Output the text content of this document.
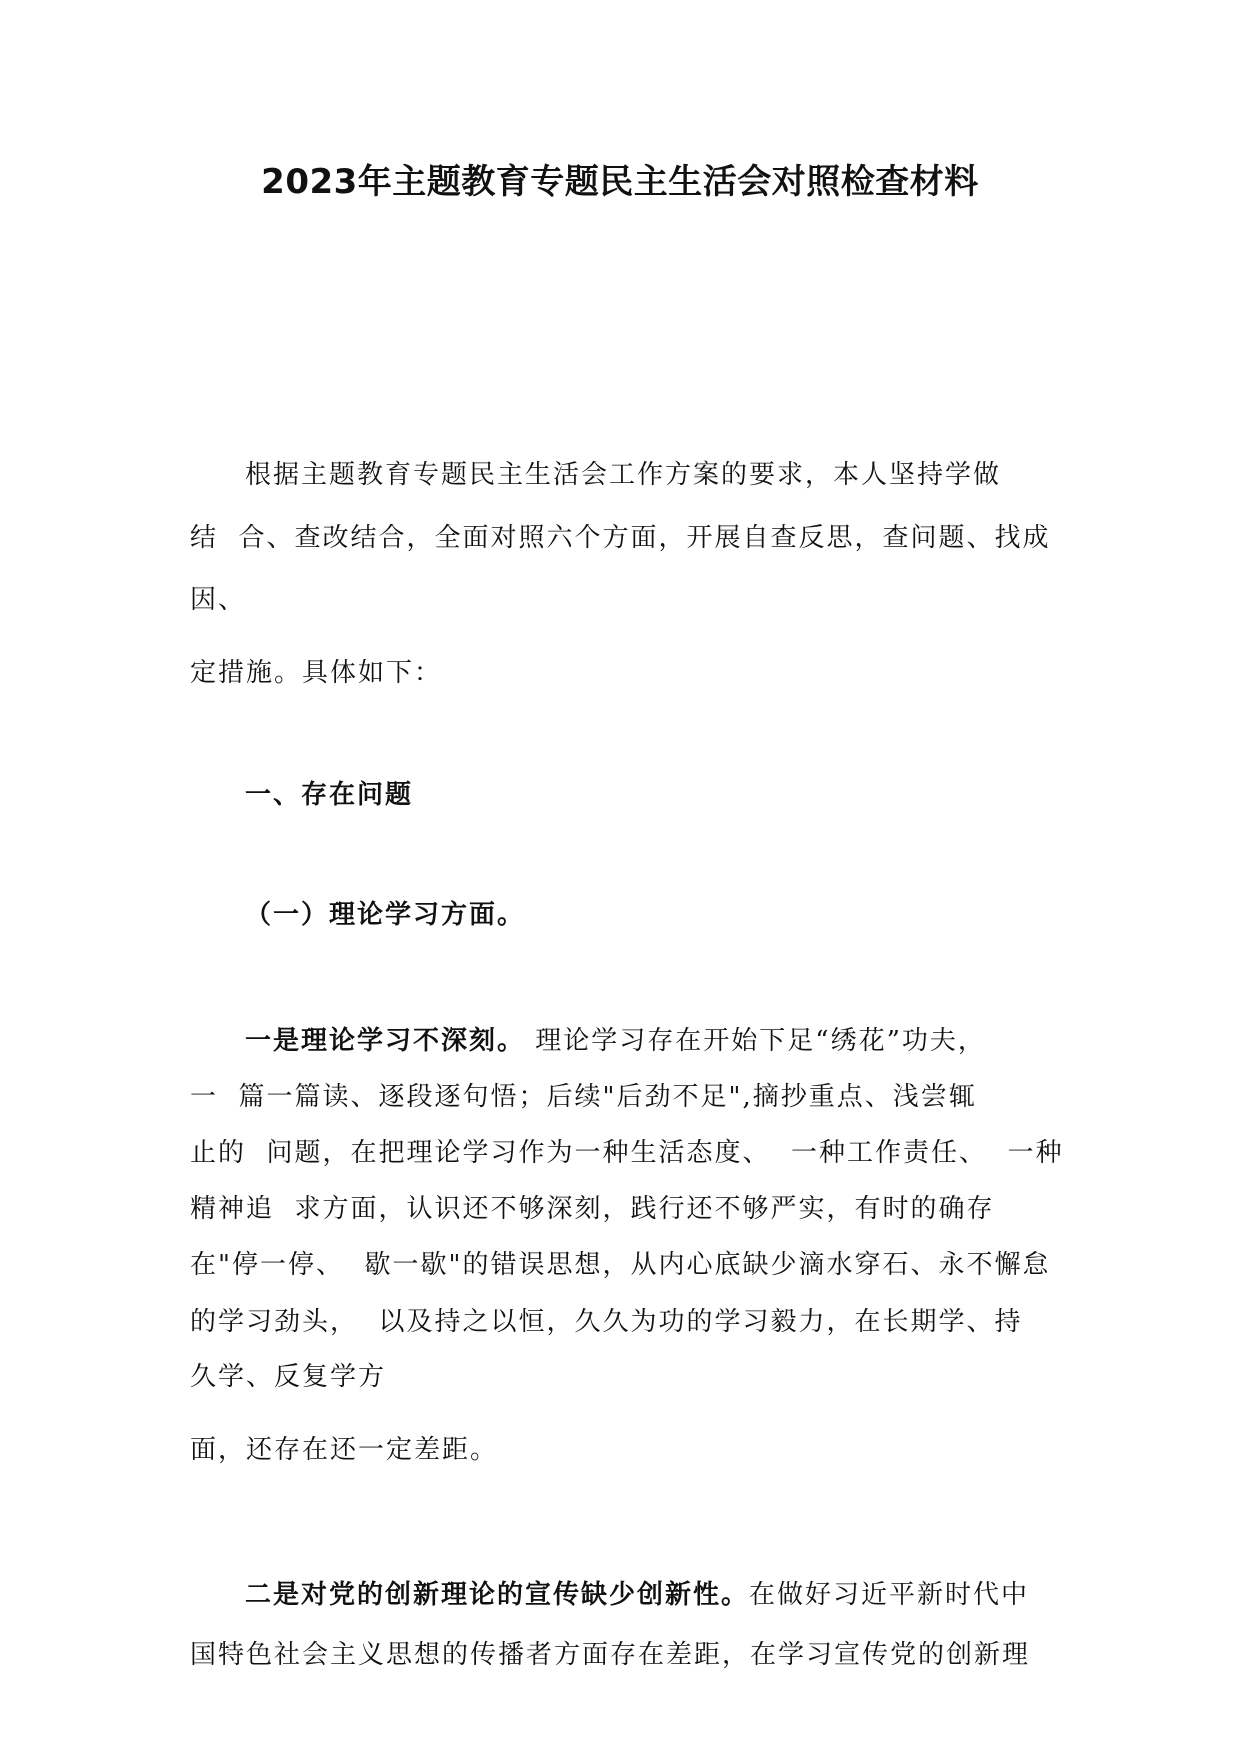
2023年主题教育专题民主生活会对照检查材料
根据主题教育专题民主生活会工作方案的要求，本人坚持学做
结  合、查改结合，全面对照六个方面，开展自查反思，查问题、找成
因、
定措施。具体如下：
一、存在问题
（一）理论学习方面。
一是理论学习不深刻。 理论学习存在开始下足“绣花”功夫，
一  篇一篇读、逐段逐句悟；后续"后劲不足",摘抄重点、浅尝辄
止的  问题，在把理论学习作为一种生活态度、  一种工作责任、  一种
精神追  求方面，认识还不够深刻，践行还不够严实，有时的确存
在"停一停、  歇一歇"的错误思想，从内心底缺少滴水穿石、永不懈怠
的学习劲头，  以及持之以恒，久久为功的学习毅力，在长期学、持
久学、反复学方
面，还存在还一定差距。
二是对党的创新理论的宣传缺少创新性。在做好习近平新时代中
国特色社会主义思想的传播者方面存在差距，在学习宣传党的创新理
